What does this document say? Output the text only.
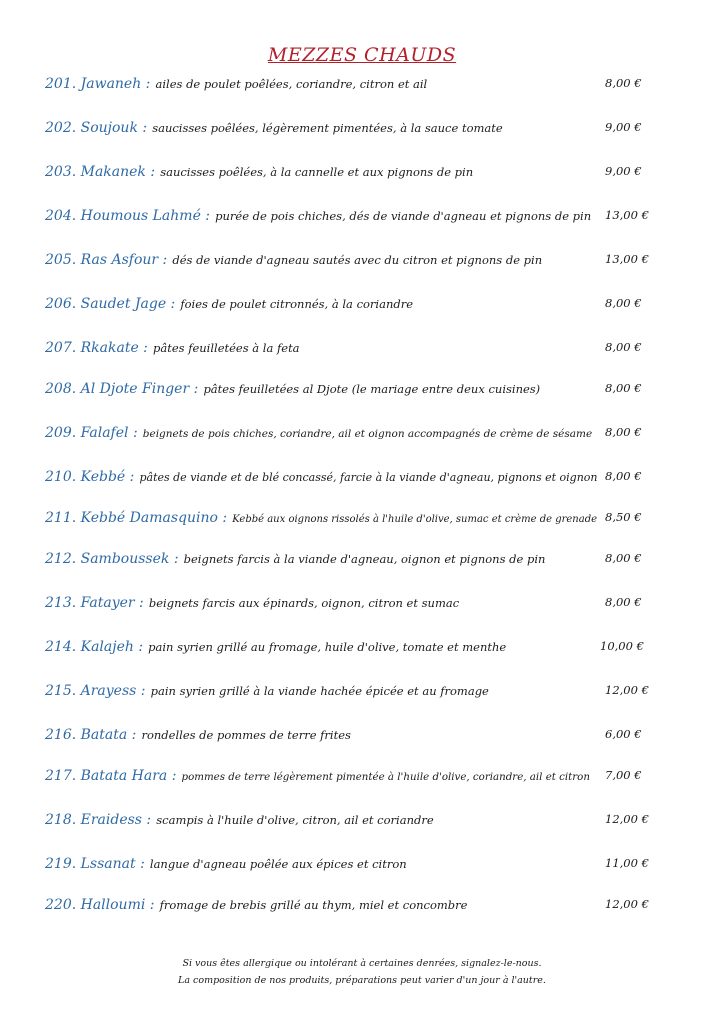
MEZZES CHAUDS
201. Jawaneh : ailes de poulet poêlées, coriandre, citron et ail	8,00 €
202. Soujouk : saucisses poêlées, légèrement pimentées, à la sauce tomate	9,00 €
203. Makanek : saucisses poêlées, à la cannelle et aux pignons de pin	9,00 €
204. Houmous Lahmé : purée de pois chiches, dés de viande d'agneau et pignons de pin 13,00 €
205. Ras Asfour : dés de viande d'agneau sautés avec du citron et pignons de pin	13,00 €
206. Saudet Jage : foies de poulet citronnés, à la coriandre	8,00 €
207. Rkakate : pâtes feuilletées à la feta	8,00 €
208. Al Djote Finger : pâtes feuilletées al Djote (le mariage entre deux cuisines)	8,00 €
209. Falafel : beignets de pois chiches, coriandre, ail et oignon accompagnés de crème de sésame 8,00 €
210. Kebbé : pâtes de viande et de blé concassé, farcie à la viande d'agneau, pignons et oignon 8,00 €
211. Kebbé Damasquino : Kebbé aux oignons rissolés à l'huile d'olive, sumac et crème de grenade 8,50 €
212. Samboussek : beignets farcis à la viande d'agneau, oignon et pignons de pin	8,00 €
213. Fatayer : beignets farcis aux épinards, oignon, citron et sumac	8,00 €
214. Kalajeh : pain syrien grillé au fromage, huile d'olive, tomate et menthe	10,00 €
215. Arayess : pain syrien grillé à la viande hachée épicée et au fromage	12,00 €
216. Batata : rondelles de pommes de terre frites	6,00 €
217. Batata Hara : pommes de terre légèrement pimentée à l'huile d'olive, coriandre, ail et citron 7,00 €
218. Eraidess : scampis à l'huile d'olive, citron, ail et coriandre	12,00 €
219. Lssanat : langue d'agneau poêlée aux épices et citron	11,00 €
220. Halloumi : fromage de brebis grillé au thym, miel et concombre	12,00 €
Si vous êtes allergique ou intolérant à certaines denrées, signalez-le-nous.
La composition de nos produits, préparations peut varier d'un jour à l'autre.
